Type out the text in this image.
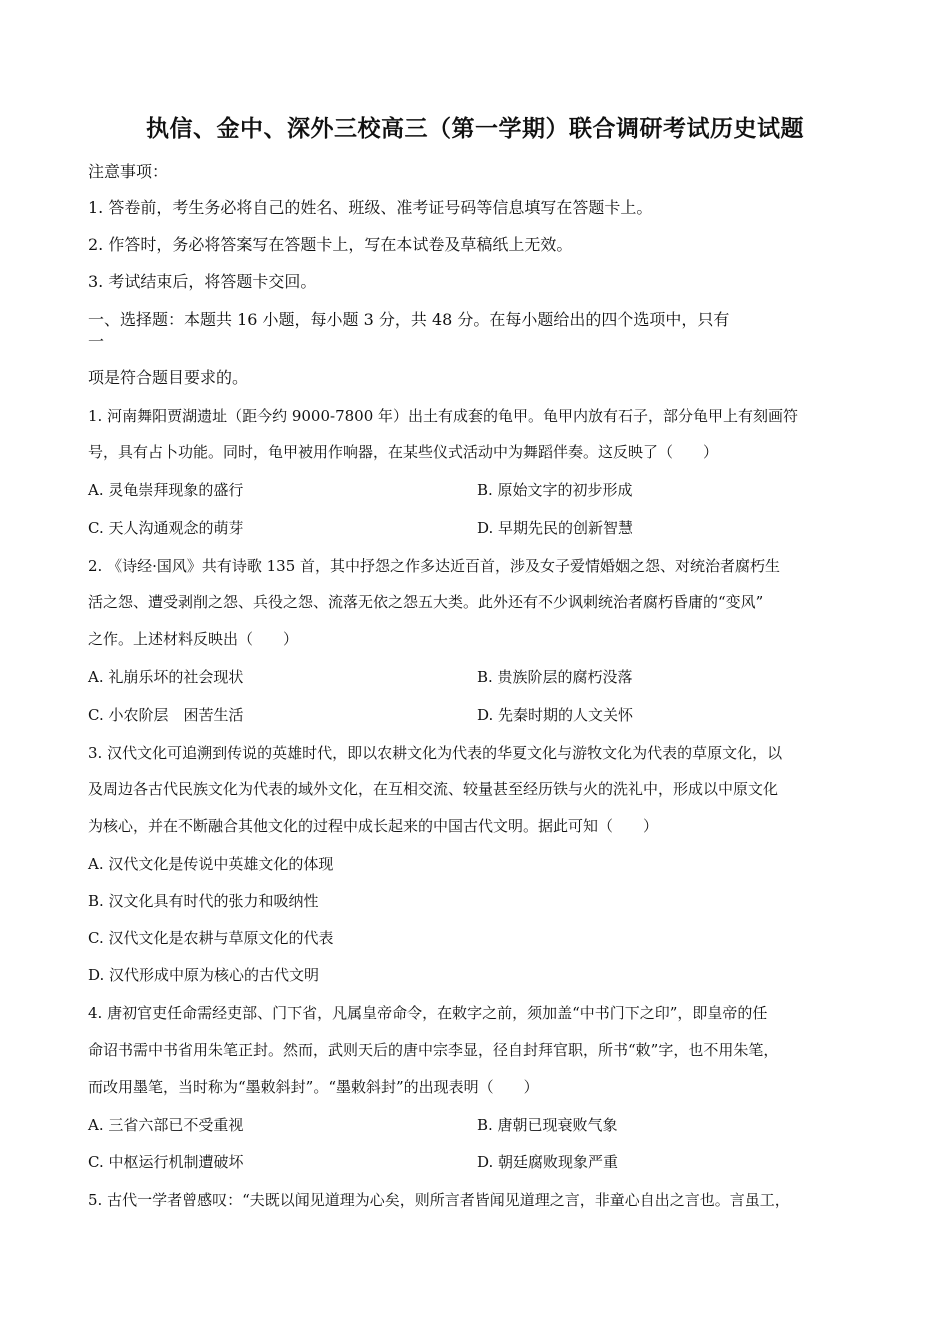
执信、金中、深外三校高三（第一学期）联合调研考试历史试题
注意事项：
1. 答卷前，考生务必将自己的姓名、班级、准考证号码等信息填写在答题卡上。
2. 作答时，务必将答案写在答题卡上，写在本试卷及草稿纸上无效。
3. 考试结束后，将答题卡交回。
一、选择题：本题共 16 小题，每小题 3 分，共 48 分。在每小题给出的四个选项中，只有
一
项是符合题目要求的。
1. 河南舞阳贾湖遗址（距今约 9000-7800 年）出土有成套的龟甲。龟甲内放有石子，部分龟甲上有刻画符
号，具有占卜功能。同时，龟甲被用作响器，在某些仪式活动中为舞蹈伴奏。这反映了（　　）
A. 灵龟崇拜现象的盛行	B. 原始文字的初步形成
C. 天人沟通观念的萌芽	D. 早期先民的创新智慧
2. 《诗经·国风》共有诗歌 135 首，其中抒怨之作多达近百首，涉及女子爱情婚姻之怨、对统治者腐朽生
活之怨、遭受剥削之怨、兵役之怨、流落无依之怨五大类。此外还有不少讽刺统治者腐朽昏庸的“变风”
之作。上述材料反映出（　　）
A. 礼崩乐坏的社会现状	B. 贵族阶层的腐朽没落
C. 小农阶层　困苦生活	D. 先秦时期的人文关怀
3. 汉代文化可追溯到传说的英雄时代，即以农耕文化为代表的华夏文化与游牧文化为代表的草原文化，以
及周边各古代民族文化为代表的域外文化，在互相交流、较量甚至经历铁与火的洗礼中，形成以中原文化
为核心，并在不断融合其他文化的过程中成长起来的中国古代文明。据此可知（　　）
A. 汉代文化是传说中英雄文化的体现
B. 汉文化具有时代的张力和吸纳性
C. 汉代文化是农耕与草原文化的代表
D. 汉代形成中原为核心的古代文明
4. 唐初官吏任命需经吏部、门下省，凡属皇帝命令，在敕字之前，须加盖“中书门下之印”，即皇帝的任
命诏书需中书省用朱笔正封。然而，武则天后的唐中宗李显，径自封拜官职，所书“敕”字，也不用朱笔，
而改用墨笔，当时称为“墨敕斜封”。“墨敕斜封”的出现表明（　　）
A. 三省六部已不受重视	B. 唐朝已现衰败气象
C. 中枢运行机制遭破坏	D. 朝廷腐败现象严重
5. 古代一学者曾感叹：“夫既以闻见道理为心矣，则所言者皆闻见道理之言，非童心自出之言也。言虽工，
